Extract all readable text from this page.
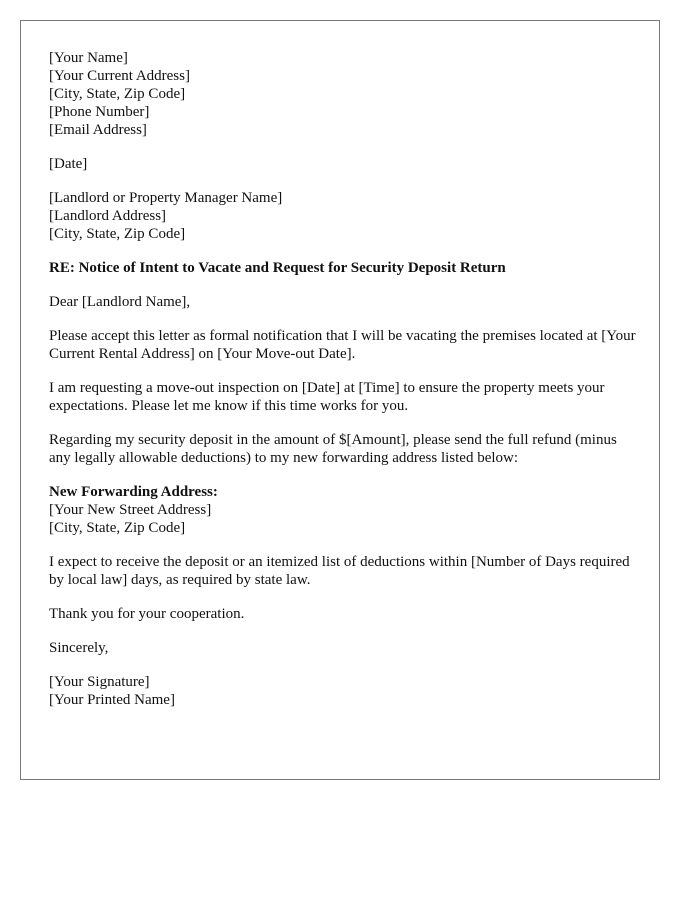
[Your Name]
[Your Current Address]
[City, State, Zip Code]
[Phone Number]
[Email Address]
[Date]
[Landlord or Property Manager Name]
[Landlord Address]
[City, State, Zip Code]
RE: Notice of Intent to Vacate and Request for Security Deposit Return
Dear [Landlord Name],

Please accept this letter as formal notification that I will be vacating the premises located at [Your Current Rental Address] on [Your Move-out Date].

I am requesting a move-out inspection on [Date] at [Time] to ensure the property meets your expectations. Please let me know if this time works for you.

Regarding my security deposit in the amount of $[Amount], please send the full refund (minus any legally allowable deductions) to my new forwarding address listed below:

New Forwarding Address:
[Your New Street Address]
[City, State, Zip Code]

I expect to receive the deposit or an itemized list of deductions within [Number of Days required by local law] days, as required by state law.

Thank you for your cooperation.
Sincerely,
[Your Signature]
[Your Printed Name]
